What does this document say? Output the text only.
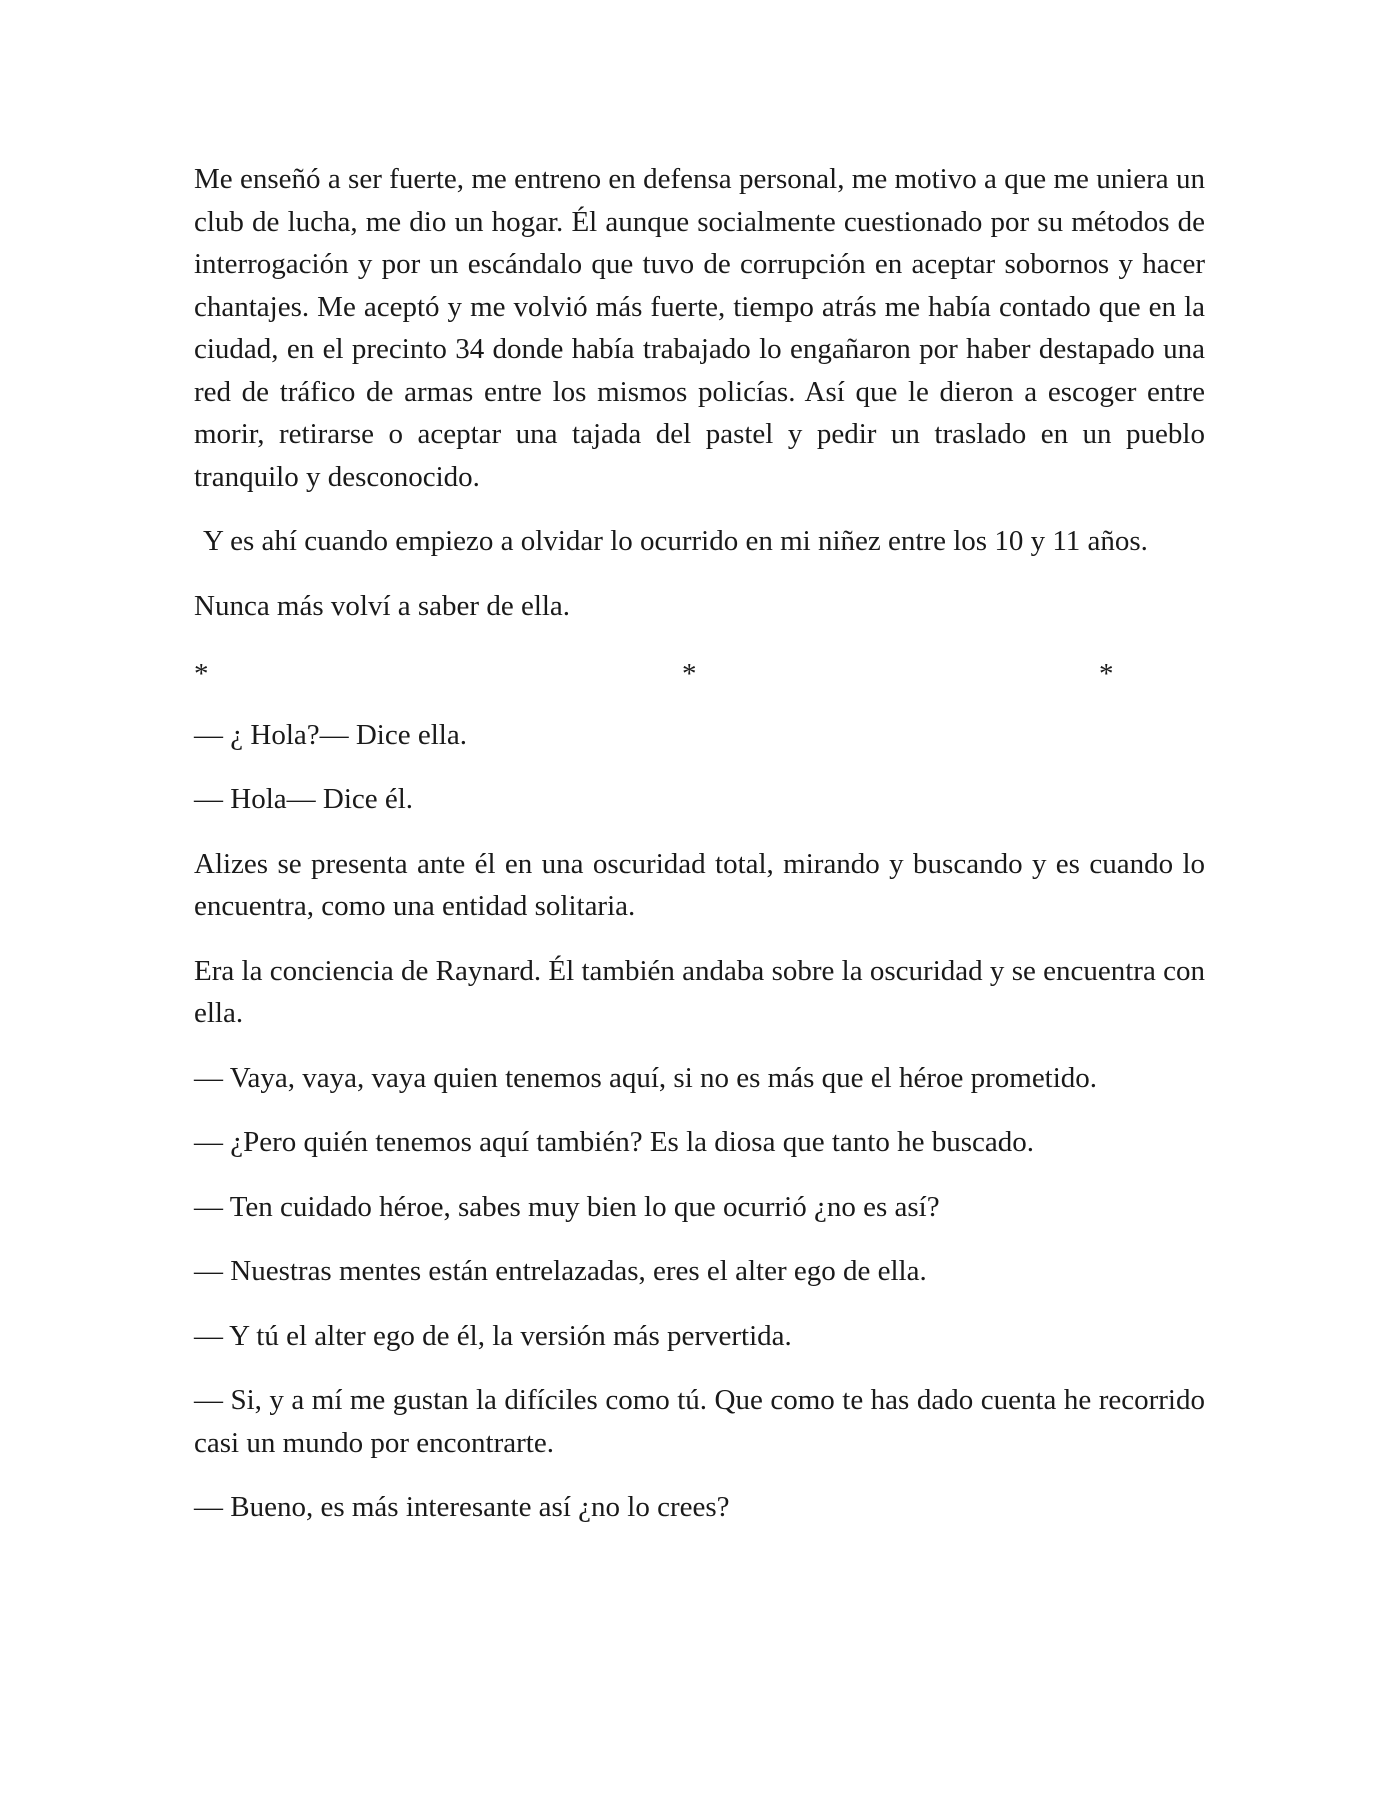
Me enseñó a ser fuerte, me entreno en defensa personal, me motivo a que me uniera un club de lucha, me dio un hogar. Él aunque socialmente cuestionado por su métodos de interrogación y por un escándalo que tuvo de corrupción en aceptar sobornos y hacer chantajes. Me aceptó y me volvió más fuerte, tiempo atrás me había contado que en la ciudad, en el precinto 34 donde había trabajado lo engañaron por haber destapado una red de tráfico de armas entre los mismos policías. Así que le dieron a escoger entre morir, retirarse o aceptar una tajada del pastel y pedir un traslado en un pueblo tranquilo y desconocido.

Y es ahí cuando empiezo a olvidar lo ocurrido en mi niñez entre los 10 y 11 años.

Nunca más volví a saber de ella.

*	*	*

— ¿ Hola?— Dice ella.

— Hola— Dice él.

Alizes se presenta ante él en una oscuridad total, mirando y buscando y es cuando lo encuentra, como una entidad solitaria.

Era la conciencia de Raynard. Él también andaba sobre la oscuridad y se encuentra con ella.

— Vaya, vaya, vaya quien tenemos aquí, si no es más que el héroe prometido.

— ¿Pero quién tenemos aquí también? Es la diosa que tanto he buscado.

— Ten cuidado héroe, sabes muy bien lo que ocurrió ¿no es así?

— Nuestras mentes están entrelazadas, eres el alter ego de ella.

— Y tú el alter ego de él, la versión más pervertida.

— Si, y a mí me gustan la difíciles como tú. Que como te has dado cuenta he recorrido casi un mundo por encontrarte.

— Bueno, es más interesante así ¿no lo crees?
